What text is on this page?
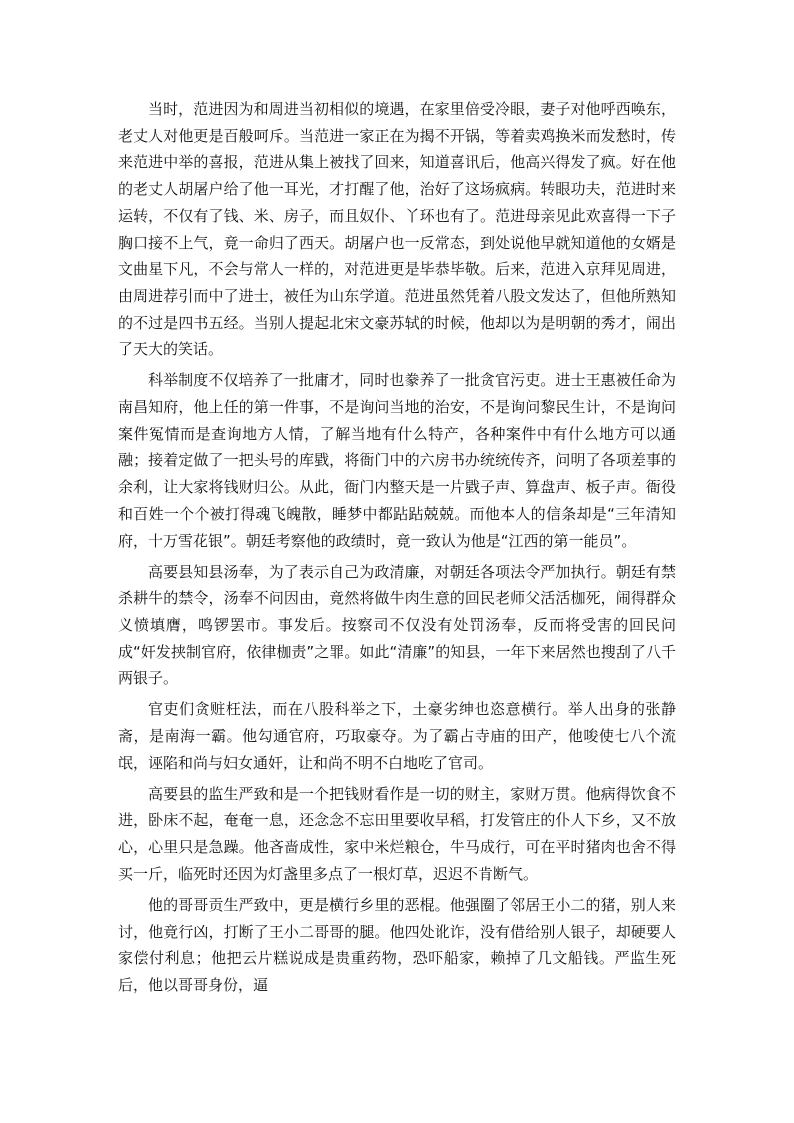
当时，范进因为和周进当初相似的境遇，在家里倍受冷眼，妻子对他呼西唤东，老丈人对他更是百般呵斥。当范进一家正在为揭不开锅，等着卖鸡换米而发愁时，传来范进中举的喜报，范进从集上被找了回来，知道喜讯后，他高兴得发了疯。好在他的老丈人胡屠户给了他一耳光，才打醒了他，治好了这场疯病。转眼功夫，范进时来运转，不仅有了钱、米、房子，而且奴仆、丫环也有了。范进母亲见此欢喜得一下子胸口接不上气，竟一命归了西天。胡屠户也一反常态，到处说他早就知道他的女婿是文曲星下凡，不会与常人一样的，对范进更是毕恭毕敬。后来，范进入京拜见周进，由周进荐引而中了进士，被任为山东学道。范进虽然凭着八股文发达了，但他所熟知的不过是四书五经。当别人提起北宋文豪苏轼的时候，他却以为是明朝的秀才，闹出了天大的笑话。

科举制度不仅培养了一批庸才，同时也豢养了一批贪官污吏。进士王惠被任命为南昌知府，他上任的第一件事，不是询问当地的治安，不是询问黎民生计，不是询问案件冤情而是查询地方人情，了解当地有什么特产，各种案件中有什么地方可以通融；接着定做了一把头号的库戥，将衙门中的六房书办统统传齐，问明了各项差事的余利，让大家将钱财归公。从此，衙门内整天是一片戥子声、算盘声、板子声。衙役和百姓一个个被打得魂飞魄散，睡梦中都跕跕兢兢。而他本人的信条却是“三年清知府，十万雪花银”。朝廷考察他的政绩时，竟一致认为他是“江西的第一能员”。

高要县知县汤奉，为了表示自己为政清廉，对朝廷各项法令严加执行。朝廷有禁杀耕牛的禁令，汤奉不问因由，竟然将做牛肉生意的回民老师父活活枷死，闹得群众义愤填膺，鸣锣罢市。事发后。按察司不仅没有处罚汤奉，反而将受害的回民问成“奸发挟制官府，依律枷责”之罪。如此“清廉”的知县，一年下来居然也搜刮了八千两银子。

官吏们贪赃枉法，而在八股科举之下，土豪劣绅也恣意横行。举人出身的张静斋，是南海一霸。他勾通官府，巧取豪夺。为了霸占寺庙的田产，他唆使七八个流氓，诬陷和尚与妇女通奸，让和尚不明不白地吃了官司。

高要县的监生严致和是一个把钱财看作是一切的财主，家财万贯。他病得饮食不进，卧床不起，奄奄一息，还念念不忘田里要收早稻，打发管庄的仆人下乡，又不放心，心里只是急躁。他吝啬成性，家中米烂粮仓，牛马成行，可在平时猪肉也舍不得买一斤，临死时还因为灯盏里多点了一根灯草，迟迟不肯断气。

他的哥哥贡生严致中，更是横行乡里的恶棍。他强圈了邻居王小二的猪，别人来讨，他竟行凶，打断了王小二哥哥的腿。他四处讹诈，没有借给别人银子，却硬要人家偿付利息；他把云片糕说成是贵重药物，恐吓船家，赖掉了几文船钱。严监生死后，他以哥哥身份，逼
